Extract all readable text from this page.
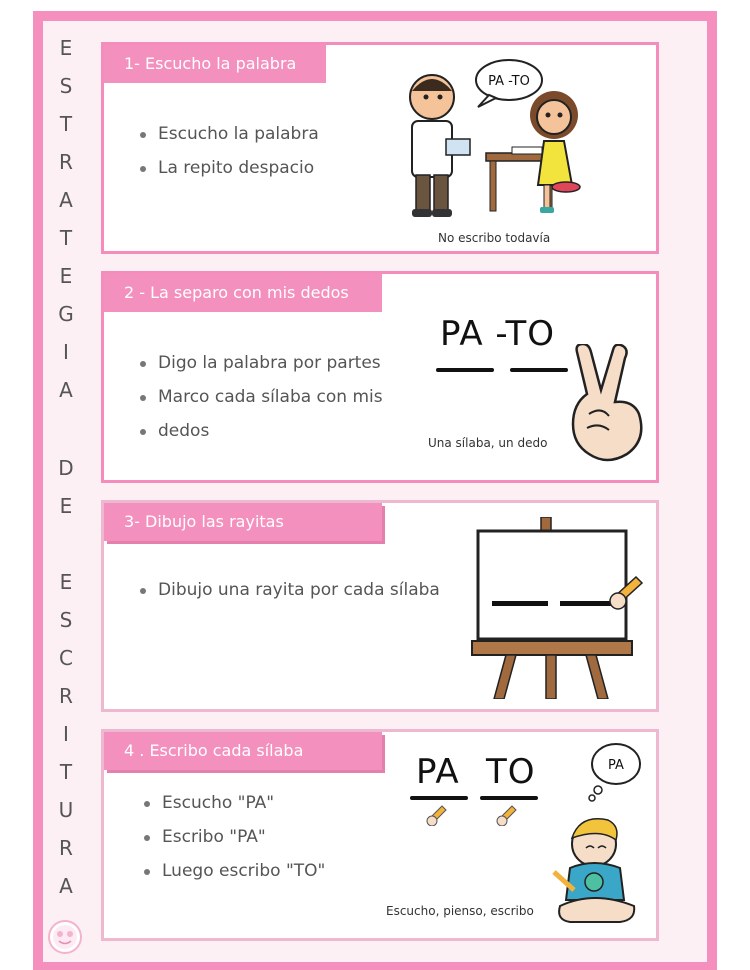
E
S
T
R
A
T
E
G
I
A
D
E
E
S
C
R
I
T
U
R
A
1- Escucho la palabra
Escucho la palabra
La repito despacio
PA -TO
No escribo todavía
2 - La separo con mis dedos
Digo la palabra por partes
Marco cada sílaba con mis
dedos
PA -TO
Una sílaba, un dedo
3- Dibujo las rayitas
Dibujo una rayita por cada sílaba
4 . Escribo cada sílaba
Escucho "PA"
Escribo "PA"
Luego escribo "TO"
PA TO	PA
Escucho, pienso, escribo
